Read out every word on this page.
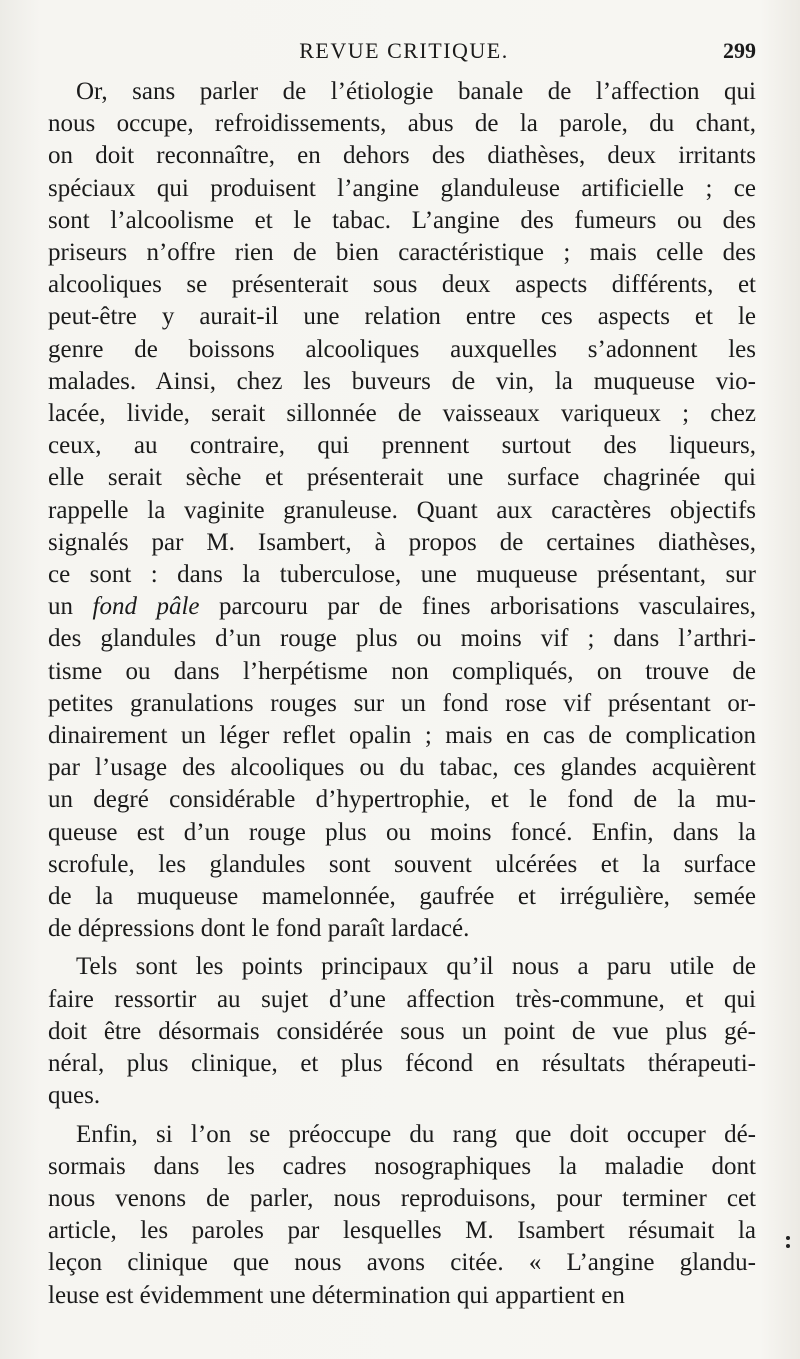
REVUE CRITIQUE.	299

Or, sans parler de l’étiologie banale de l’affection qui
nous occupe, refroidissements, abus de la parole, du chant,
on doit reconnaître, en dehors des diathèses, deux irritants
spéciaux qui produisent l’angine glanduleuse artificielle ; ce
sont l’alcoolisme et le tabac. L’angine des fumeurs ou des
priseurs n’offre rien de bien caractéristique ; mais celle des
alcooliques se présenterait sous deux aspects différents, et
peut-être y aurait-il une relation entre ces aspects et le
genre de boissons alcooliques auxquelles s’adonnent les
malades. Ainsi, chez les buveurs de vin, la muqueuse vio-
lacée, livide, serait sillonnée de vaisseaux variqueux ; chez
ceux, au contraire, qui prennent surtout des liqueurs,
elle serait sèche et présenterait une surface chagrinée qui
rappelle la vaginite granuleuse. Quant aux caractères objectifs
signalés par M. Isambert, à propos de certaines diathèses,
ce sont : dans la tuberculose, une muqueuse présentant, sur
un fond pâle parcouru par de fines arborisations vasculaires,
des glandules d’un rouge plus ou moins vif ; dans l’arthri-
tisme ou dans l’herpétisme non compliqués, on trouve de
petites granulations rouges sur un fond rose vif présentant or-
dinairement un léger reflet opalin ; mais en cas de complication
par l’usage des alcooliques ou du tabac, ces glandes acquièrent
un degré considérable d’hypertrophie, et le fond de la mu-
queuse est d’un rouge plus ou moins foncé. Enfin, dans la
scrofule, les glandules sont souvent ulcérées et la surface
de la muqueuse mamelonnée, gaufrée et irrégulière, semée
de dépressions dont le fond paraît lardacé.

Tels sont les points principaux qu’il nous a paru utile de
faire ressortir au sujet d’une affection très-commune, et qui
doit être désormais considérée sous un point de vue plus gé-
néral, plus clinique, et plus fécond en résultats thérapeuti-
ques.

Enfin, si l’on se préoccupe du rang que doit occuper dé-
sormais dans les cadres nosographiques la maladie dont
nous venons de parler, nous reproduisons, pour terminer cet
article, les paroles par lesquelles M. Isambert résumait la
leçon clinique que nous avons citée. « L’angine glandu-
leuse est évidemment une détermination qui appartient en
